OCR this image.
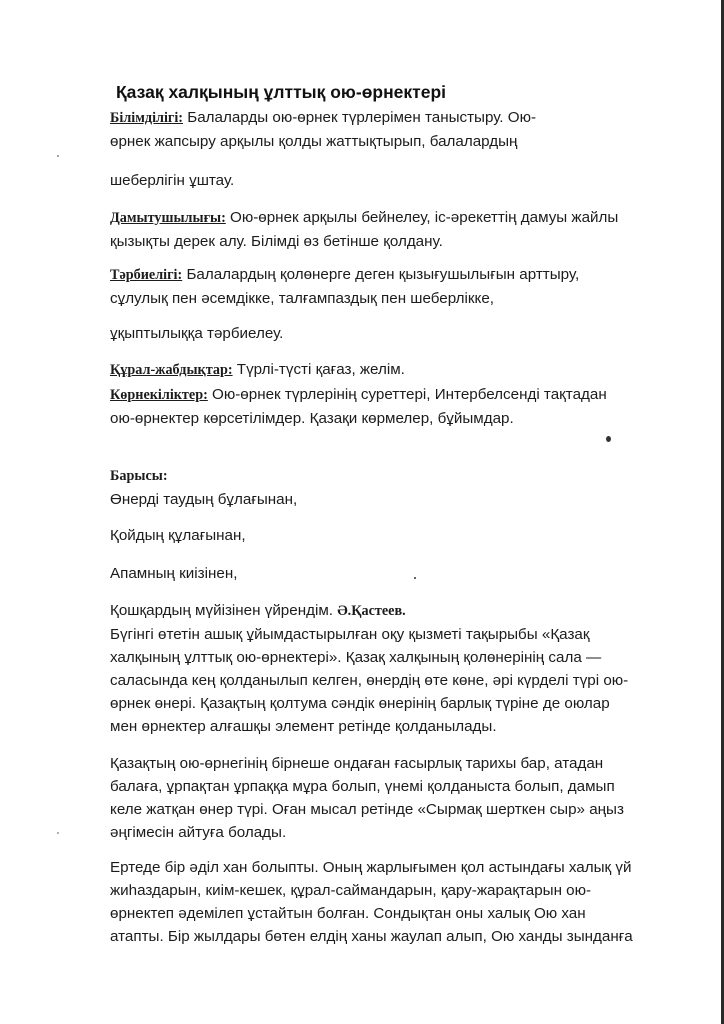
Қазақ халқының ұлттық ою-өрнектері
Білімділігі: Балаларды ою-өрнек түрлерімен таныстыру. Ою-
өрнек жапсыру арқылы қолды жаттықтырып, балалардың
шеберлігін ұштау.
Дамытушылығы: Ою-өрнек арқылы бейнелеу, іс-әрекеттің дамуы жайлы
қызықты дерек алу. Білімді өз бетінше қолдану.
Тәрбиелігі: Балалардың қолөнерге деген қызығушылығын арттыру,
сұлулық пен әсемдікке, талғампаздық пен шеберлікке,
ұқыптылыққа тәрбиелеу.
Құрал-жабдықтар: Түрлі-түсті қағаз, желім.
Көрнекіліктер: Ою-өрнек түрлерінің суреттері, Интербелсенді тақтадан
ою-өрнектер көрсетілімдер. Қазақи көрмелер, бұйымдар.
Барысы:
Өнерді таудың бұлағынан,
Қойдың құлағынан,
Апамның киізінен,
Қошқардың мүйізінен үйрендім. Ә.Қастеев.
Бүгінгі өтетін ашық ұйымдастырылған оқу қызметі тақырыбы «Қазақ
халқының ұлттық ою-өрнектері». Қазақ халқының қолөнерінің сала —
саласында кең қолданылып келген, өнердің өте көне, әрі күрделі түрі ою-
өрнек өнері. Қазақтың қолтума сәндік өнерінің барлық түріне де оюлар
мен өрнектер алғашқы элемент ретінде қолданылады.
Қазақтың ою-өрнегінің бірнеше ондаған ғасырлық тарихы бар, атадан
балаға, ұрпақтан ұрпаққа мұра болып, үнемі қолданыста болып, дамып
келе жатқан өнер түрі. Оған мысал ретінде «Сырмақ шерткен сыр» аңыз
әңгімесін айтуға болады.
Ертеде бір әділ хан болыпты. Оның жарлығымен қол астындағы халық үй
жиһаздарын, киім-кешек, құрал-саймандарын, қару-жарақтарын ою-
өрнектеп әдемілеп ұстайтын болған. Сондықтан оны халық Ою хан
атапты. Бір жылдары бөтен елдің ханы жаулап алып, Ою ханды зынданға
